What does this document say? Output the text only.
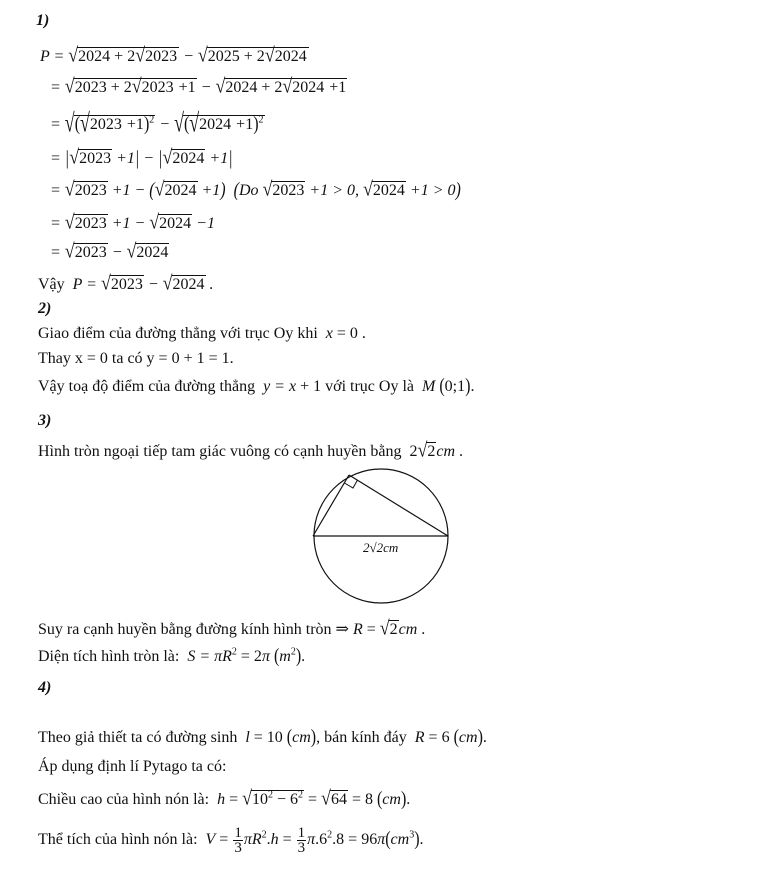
1)
P = √2024 + 2√2023 − √2025 + 2√2024
= √2023 + 2√2023 +1 − √2024 + 2√2024 +1
= $√(√2023 +1)^2 - √(√2024 +1)^2$
= |√2023 +1| − |√2024 +1|
= √2023 +1 − (√2024 +1) (Do √2023 +1 > 0, √2024 +1 > 0)
= √2023 +1 − √2024 −1
= √2023 − √2024
Vậy  P = √2023 − √2024 .
2)
Giao điểm của đường thẳng với trục Oy khi x = 0 .
Thay x = 0 ta có y = 0 + 1 = 1.
Vậy toạ độ điểm của đường thẳng y = x + 1 với trục Oy là M (0;1).
3)
Hình tròn ngoại tiếp tam giác vuông có cạnh huyền bằng  2√2cm .
2√2cm
Suy ra cạnh huyền bằng đường kính hình tròn ⇒ R = √2cm .
Diện tích hình tròn là: $S = \pi R^2 = 2\pi$ $(m^2)$.
4)
Theo giả thiết ta có đường sinh l = 10 (cm), bán kính đáy R = 6 (cm).
Áp dụng định lí Pytago ta có:
Chiều cao của hình nón là: $h = √10^2 - 6^2 = √64 = 8$ (cm).
Thể tích của hình nón là: $V = \frac{1}{3} \pi R^2.h = \frac{1}{3} \pi.6^2.8 = 96\pi(cm^3)$.
